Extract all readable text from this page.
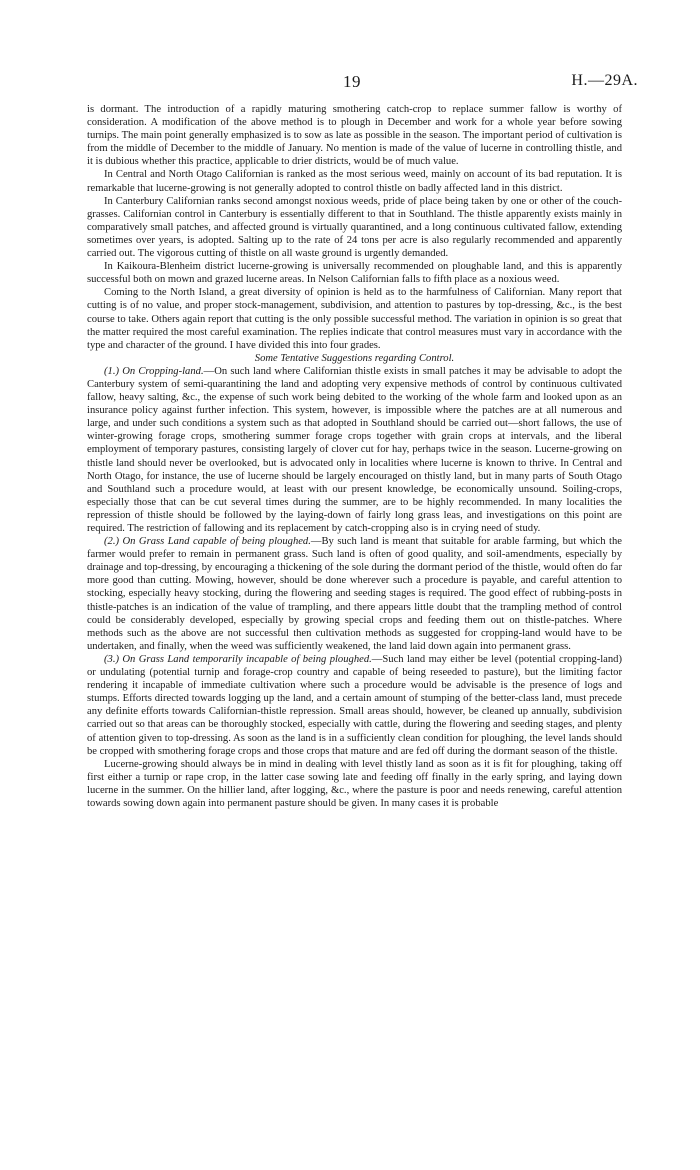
19	H.—29A.

is dormant. The introduction of a rapidly maturing smothering catch-crop to replace summer fallow is worthy of consideration. A modification of the above method is to plough in December and work for a whole year before sowing turnips. The main point generally emphasized is to sow as late as possible in the season. The important period of cultivation is from the middle of December to the middle of January. No mention is made of the value of lucerne in controlling thistle, and it is dubious whether this practice, applicable to drier districts, would be of much value.

In Central and North Otago Californian is ranked as the most serious weed, mainly on account of its bad reputation. It is remarkable that lucerne-growing is not generally adopted to control thistle on badly affected land in this district.

In Canterbury Californian ranks second amongst noxious weeds, pride of place being taken by one or other of the couch-grasses. Californian control in Canterbury is essentially different to that in Southland. The thistle apparently exists mainly in comparatively small patches, and affected ground is virtually quarantined, and a long continuous cultivated fallow, extending sometimes over years, is adopted. Salting up to the rate of 24 tons per acre is also regularly recommended and apparently carried out. The vigorous cutting of thistle on all waste ground is urgently demanded.

In Kaikoura-Blenheim district lucerne-growing is universally recommended on ploughable land, and this is apparently successful both on mown and grazed lucerne areas. In Nelson Californian falls to fifth place as a noxious weed.

Coming to the North Island, a great diversity of opinion is held as to the harmfulness of Californian. Many report that cutting is of no value, and proper stock-management, subdivision, and attention to pastures by top-dressing, &c., is the best course to take. Others again report that cutting is the only possible successful method. The variation in opinion is so great that the matter required the most careful examination. The replies indicate that control measures must vary in accordance with the type and character of the ground. I have divided this into four grades.

Some Tentative Suggestions regarding Control.

(1.) On Cropping-land.—On such land where Californian thistle exists in small patches it may be advisable to adopt the Canterbury system of semi-quarantining the land and adopting very expensive methods of control by continuous cultivated fallow, heavy salting, &c., the expense of such work being debited to the working of the whole farm and looked upon as an insurance policy against further infection. This system, however, is impossible where the patches are at all numerous and large, and under such conditions a system such as that adopted in Southland should be carried out—short fallows, the use of winter-growing forage crops, smothering summer forage crops together with grain crops at intervals, and the liberal employment of temporary pastures, consisting largely of clover cut for hay, perhaps twice in the season. Lucerne-growing on thistle land should never be overlooked, but is advocated only in localities where lucerne is known to thrive. In Central and North Otago, for instance, the use of lucerne should be largely encouraged on thistly land, but in many parts of South Otago and Southland such a procedure would, at least with our present knowledge, be economically unsound. Soiling-crops, especially those that can be cut several times during the summer, are to be highly recommended. In many localities the repression of thistle should be followed by the laying-down of fairly long grass leas, and investigations on this point are required. The restriction of fallowing and its replacement by catch-cropping also is in crying need of study.

(2.) On Grass Land capable of being ploughed.—By such land is meant that suitable for arable farming, but which the farmer would prefer to remain in permanent grass. Such land is often of good quality, and soil-amendments, especially by drainage and top-dressing, by encouraging a thickening of the sole during the dormant period of the thistle, would often do far more good than cutting. Mowing, however, should be done wherever such a procedure is payable, and careful attention to stocking, especially heavy stocking, during the flowering and seeding stages is required. The good effect of rubbing-posts in thistle-patches is an indication of the value of trampling, and there appears little doubt that the trampling method of control could be considerably developed, especially by growing special crops and feeding them out on thistle-patches. Where methods such as the above are not successful then cultivation methods as suggested for cropping-land would have to be undertaken, and finally, when the weed was sufficiently weakened, the land laid down again into permanent grass.

(3.) On Grass Land temporarily incapable of being ploughed.—Such land may either be level (potential cropping-land) or undulating (potential turnip and forage-crop country and capable of being reseeded to pasture), but the limiting factor rendering it incapable of immediate cultivation where such a procedure would be advisable is the presence of logs and stumps. Efforts directed towards logging up the land, and a certain amount of stumping of the better-class land, must precede any definite efforts towards Californian-thistle repression. Small areas should, however, be cleaned up annually, subdivision carried out so that areas can be thoroughly stocked, especially with cattle, during the flowering and seeding stages, and plenty of attention given to top-dressing. As soon as the land is in a sufficiently clean condition for ploughing, the level lands should be cropped with smothering forage crops and those crops that mature and are fed off during the dormant season of the thistle.

Lucerne-growing should always be in mind in dealing with level thistly land as soon as it is fit for ploughing, taking off first either a turnip or rape crop, in the latter case sowing late and feeding off finally in the early spring, and laying down lucerne in the summer. On the hillier land, after logging, &c., where the pasture is poor and needs renewing, careful attention towards sowing down again into permanent pasture should be given. In many cases it is probable
